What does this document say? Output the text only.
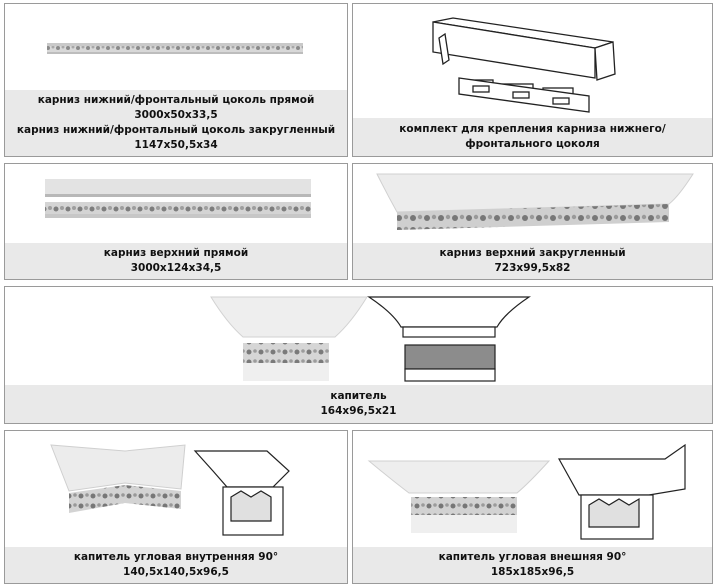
карниз нижний/фронтальный цоколь прямой
3000x50x33,5
карниз нижний/фронтальный цоколь закругленный
1147x50,5x34
комплект для крепления карниза нижнего/
фронтального цоколя
карниз верхний прямой
3000x124x34,5
карниз верхний закругленный
723x99,5x82
капитель
164x96,5x21
капитель угловая внутренняя 90°
140,5x140,5x96,5
капитель угловая внешняя 90°
185x185x96,5
